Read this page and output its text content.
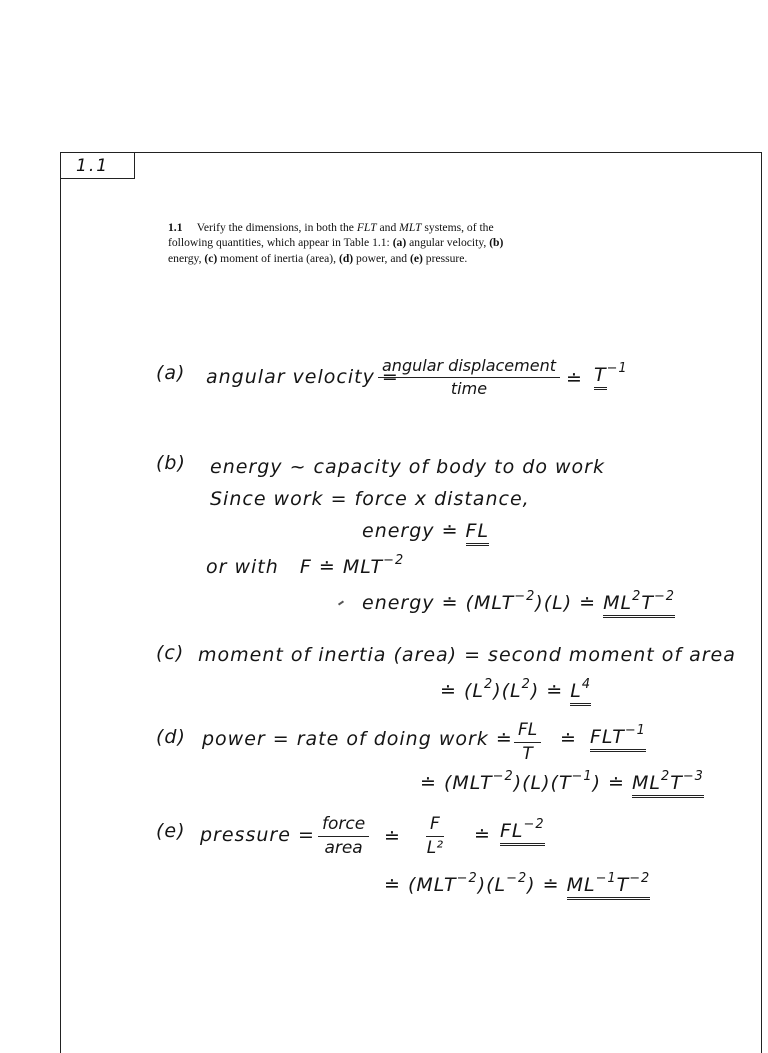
1.1
1.1 Verify the dimensions, in both the FLT and MLT systems, of the following quantities, which appear in Table 1.1: (a) angular velocity, (b) energy, (c) moment of inertia (area), (d) power, and (e) pressure.
(a) angular velocity =
angular displacement
time	≐ $T^{-1}$
(b) energy ~ capacity of body to do work
Since work = force x distance,
energy ≐ FL
or with F ≐ $MLT^{-2}$
energy ≐ $(MLT^{-2})(L)$ ≐ $ML^2T^{-2}$
(c) moment of inertia (area) = second moment of area
≐ $(L^2)(L^2)$ ≐ $L^4$
(d) power = rate of doing work ≐ $\frac{FL}{T}$ ≐ $FLT^{-1}$
≐ $(MLT^{-2})(L)(T^{-1})$ ≐ $ML^2T^{-3}$
(e) pressure = force
area	≐ $\frac{F}{\text{L²}}$ ≐ $FL^{-2}$
≐ $(MLT^{-2})(L^{-2})$ ≐ $ML^{-1}T^{-2}$
